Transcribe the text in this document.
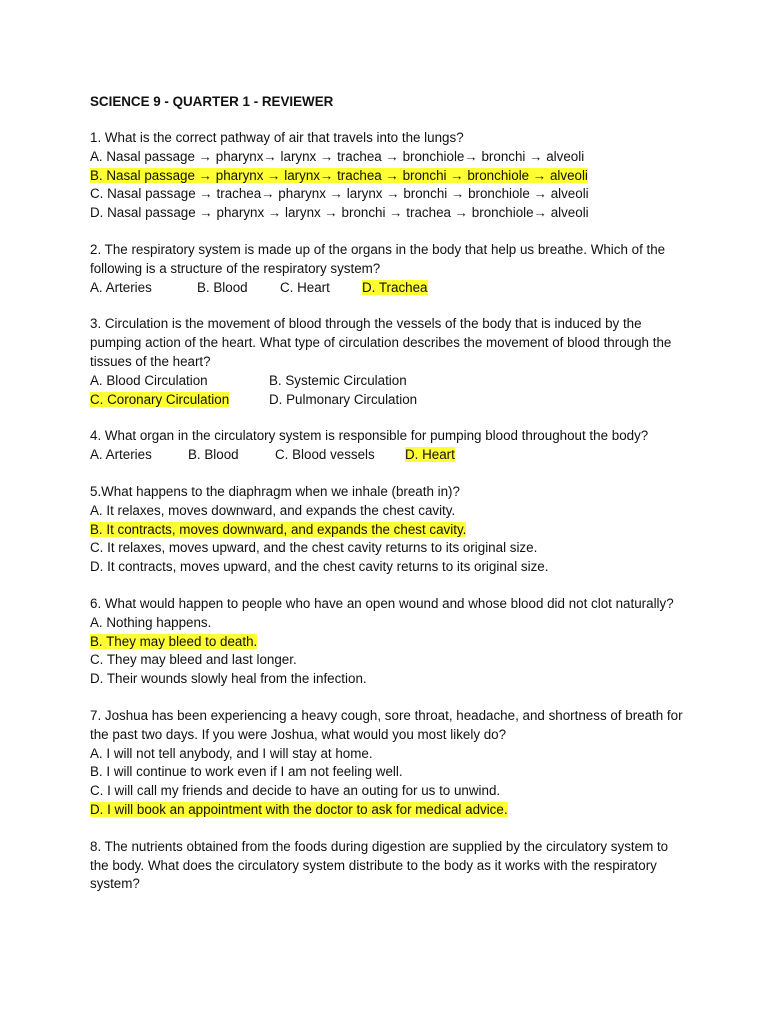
SCIENCE 9 - QUARTER 1 - REVIEWER
1. What is the correct pathway of air that travels into the lungs?
A. Nasal passage → pharynx→ larynx → trachea → bronchiole→ bronchi → alveoli
B. Nasal passage → pharynx → larynx→ trachea → bronchi → bronchiole → alveoli
C. Nasal passage → trachea→ pharynx → larynx → bronchi → bronchiole → alveoli
D. Nasal passage → pharynx → larynx → bronchi → trachea → bronchiole→ alveoli
2. The respiratory system is made up of the organs in the body that help us breathe. Which of the following is a structure of the respiratory system?
A. Arteries	B. Blood C. Heart D. Trachea
3. Circulation is the movement of blood through the vessels of the body that is induced by the pumping action of the heart. What type of circulation describes the movement of blood through the tissues of the heart?
A. Blood Circulation	B. Systemic Circulation
C. Coronary Circulation	D. Pulmonary Circulation
4. What organ in the circulatory system is responsible for pumping blood throughout the body?
A. Arteries	B. Blood	C. Blood vessels D. Heart
5.What happens to the diaphragm when we inhale (breath in)?
A. It relaxes, moves downward, and expands the chest cavity.
B. It contracts, moves downward, and expands the chest cavity.
C. It relaxes, moves upward, and the chest cavity returns to its original size.
D. It contracts, moves upward, and the chest cavity returns to its original size.
6. What would happen to people who have an open wound and whose blood did not clot naturally?
A. Nothing happens.
B. They may bleed to death.
C. They may bleed and last longer.
D. Their wounds slowly heal from the infection.
7. Joshua has been experiencing a heavy cough, sore throat, headache, and shortness of breath for the past two days. If you were Joshua, what would you most likely do?
A. I will not tell anybody, and I will stay at home.
B. I will continue to work even if I am not feeling well.
C. I will call my friends and decide to have an outing for us to unwind.
D. I will book an appointment with the doctor to ask for medical advice.
8. The nutrients obtained from the foods during digestion are supplied by the circulatory system to the body. What does the circulatory system distribute to the body as it works with the respiratory system?
